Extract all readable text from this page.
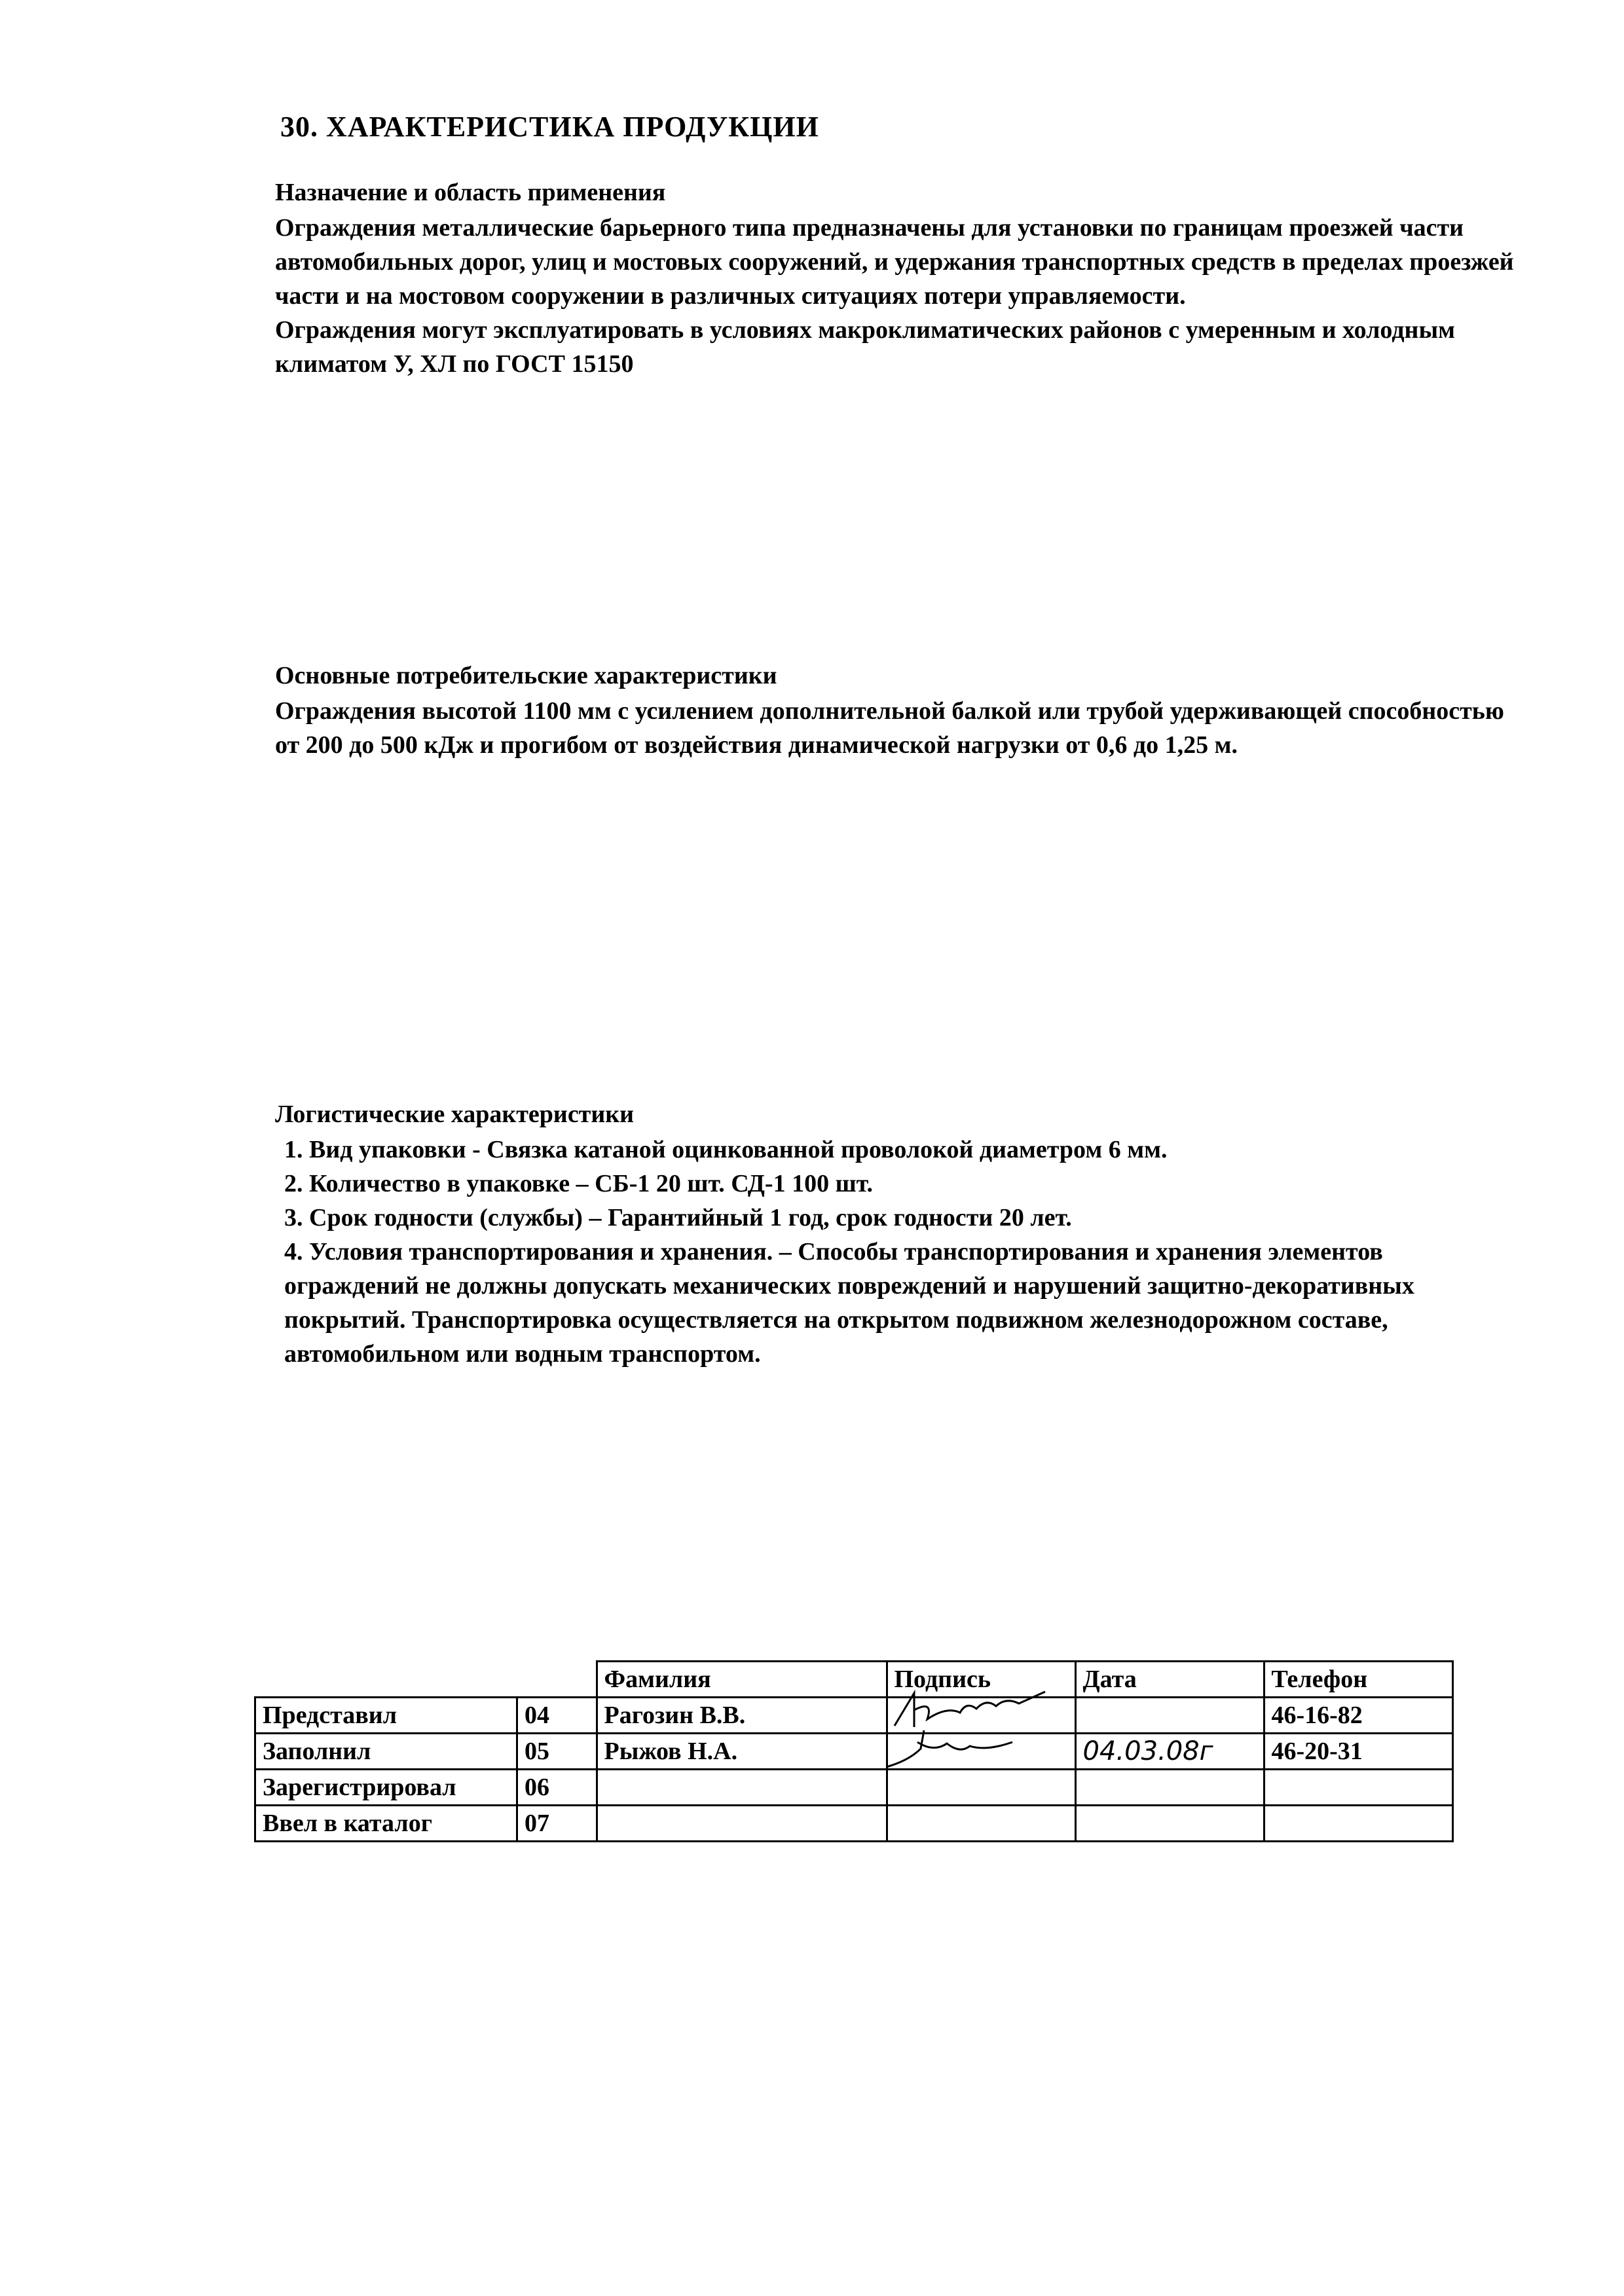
30. ХАРАКТЕРИСТИКА ПРОДУКЦИИ

Назначение и область применения

Ограждения металлические барьерного типа предназначены для установки по границам проезжей части автомобильных дорог, улиц и мостовых сооружений, и удержания транспортных средств в пределах проезжей части и на мостовом сооружении в различных ситуациях потери управляемости.

Ограждения могут эксплуатировать в условиях макроклиматических районов с умеренным и холодным климатом У, ХЛ по ГОСТ 15150

Основные потребительские характеристики

Ограждения высотой 1100 мм с усилением дополнительной балкой или трубой удерживающей способностью от 200 до 500 кДж и прогибом от воздействия динамической нагрузки от 0,6 до 1,25 м.

Логистические характеристики

1. Вид упаковки - Связка катаной оцинкованной проволокой диаметром 6 мм.

2. Количество в упаковке – СБ-1 20 шт. СД-1 100 шт.

3. Срок годности (службы) – Гарантийный 1 год, срок годности 20 лет.

4. Условия транспортирования и хранения. – Способы транспортирования и хранения элементов ограждений не должны допускать механических повреждений и нарушений защитно-декоративных покрытий. Транспортировка осуществляется на открытом подвижном железнодорожном составе, автомобильном или водным транспортом.

		Фамилия	Подпись	Дата	Телефон
Представил	04	Рагозин В.В.			46-16-82
Заполнил	05	Рыжов Н.А.		04.03.08г	46-20-31
Зарегистрировал	06				
Ввел в каталог	07				
